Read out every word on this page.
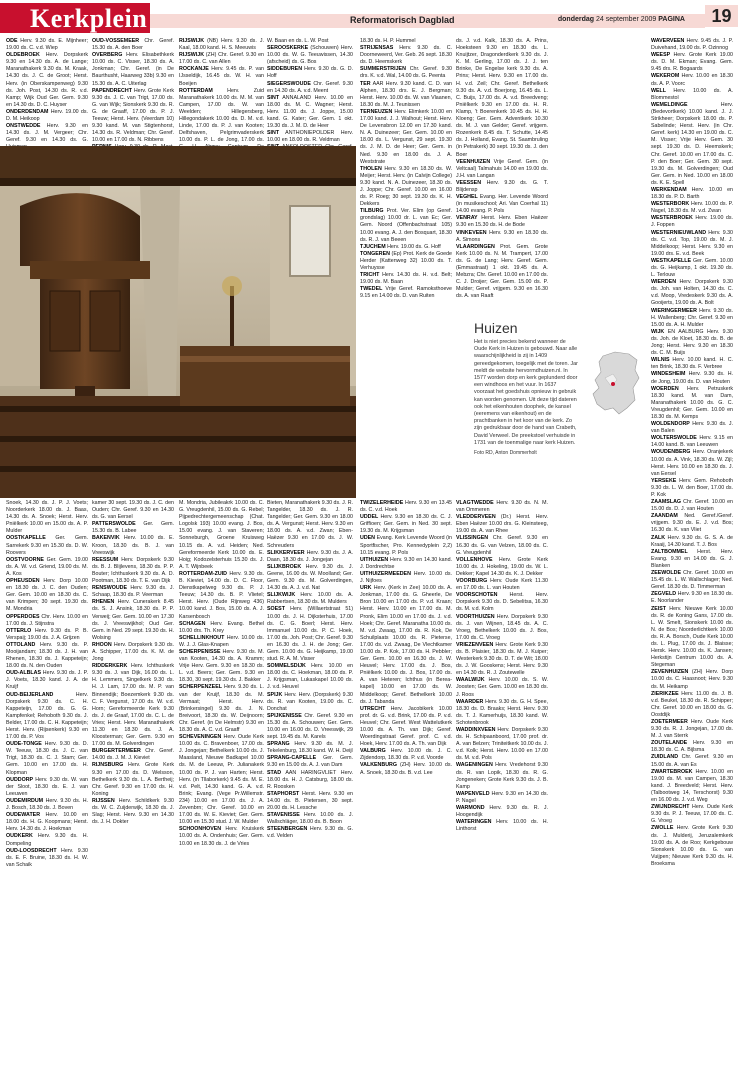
Kerkplein	Reformatorisch Dagblad	donderdag 24 september 2009 PAGINA	19

ODE Herv. 9.30 ds. E. Mijnheer; 19.00 ds. C. v.d. Wiep

OLDEBROEK Herv. Dorpskerk 9.30 en 14.30 ds. A. de Lange; Maranathakerk 9.30 ds. M. Kraak, 14.30 ds. J. C. de Groot; Herst. Herv. (in Oberskampenweg) 9.30 ds. Joh. Post, 14.30 ds. R. v.d. Kamp; Wijk Oud Ger. Gem. 9.30 en 14.30 ds. D. C. Huyser

ONDERDENDAM Herv. 19.00 ds. D. M. Heikoop

ONSTWEDDE Herv. 9.30 en 14.30 ds. J. M. Vergeer; Chr. Geref. 9.30 en 14.30 ds. G.

OUD-VOSSEMEER Chr. Geref. 15.30 ds. A. den Boer

OVERBERG Herv. Elisabethkerk 10.00 ds. C. Visser, 18.30 ds. A. Jonkman; Chr. Geref. (in De Baurthusht, Haarweg 33b) 9.30 en 15.30 ds. A. C. Uiterlag

PAPENDRECHT Herv. Grote Kerk 9.30 ds. J. C. van Trigt, 17.00 ds. G. van Wijk; Sionskerk 9.30 ds. R. G. de Graaff, 17.00 ds. P. J. Teeuw; Herst. Herv. (Veerdam 10) 9.30 kand. M. van Stigtenhorst, 14.30 ds. R. Veldman; Chr. Geref. 10.00 en 17.00 ds. N. Ribbens

RIJSWIJK (NB) Herv. 9.30 ds. J. Kaal, 18.00 kand. H. S. Meeuwis

RIJSWIJK (ZH) Chr. Geref. 9.30 en 17.00 ds. C. van Allen

ROCKANJE Herv. 9.45 ds. P. van IJsseldijk, 16.45 ds. W. H. van Boeijen

ROTTERDAM	Herv. Zuid Maranathakerk 10.00 ds. M. M. van Campen, 17.00 ds. W. van Weelden; Hillegersberg, Hillegondakerk 10.00 ds. D. M. v.d. Linde, 17.00 ds. P. J. van Kooten; Delfshaven, Pelgrimvaderskerk 10.00 ds. P. L. de Jong, 17.00 ds.

W. Baan en ds. L. W. Post

SEROOSKERKE (Schouwen) Herv. 10.00 ds. W. G. Teeuwissen, 14.30 (afscheid) ds. G. Bos

SIDDEBUREN Herv. 9.30 ds. G. D. Hoff

SIEGERSWOUDE Chr. Geref. 9.30 en 14.30 ds. A. v.d. Meent

SINT ANNALAND Herv. 10.00 en 18.00 ds. M. C. Wagner; Herst. Herv. 11.00 ds. J. Joppe, 15.00 kand. G. Kater; Ger. Gem. 1 okt. 19.30 ds. J. M. D. de Heer

SINT ANTHONIEPOLDER Herv. 10.00 en 18.00 ds. R. Veldman

18.30 ds. H. P. Hummel

STRIJENSAS Herv. 9.30 ds. C. Doorneweerd, Ver. Geb. 26 sept. 18.30 ds. D. Heemskerk

SUMMERSTRIJEN Chr. Geref. 9.30 drs. K. v.d. Wal, 14.00 ds. G. Peenta

TER AAR Herv. 9.30 kand. C. D. van Alphen, 18.30 drs. E. J. Bergman; Herst. Herv. 10.00 ds. W. van Vlaanen, 18.30 ds. M. J. Teunissen

TERNEUZEN Herv. Elimkerk 10.00 en 17.00 kand. J. J. Walhout; Herst. Herv. De Levensbron 12.00 en 17.30 kand. N. A. Duinezeer; Ger. Gem. 10.00 en 18.00 ds. L. Vergunst, 29 sept. 19.30 ds. J. M. D. de Heer; Ger. Gem. in Ned. 9.30 en 18.00 ds. J. A. Weststrate

THOLEN Herv. 9.30 en 18.30 ds. W. Meijer; Herst. Herv. (in Calvijn College) 9.30 kand. N. A. Duinezeer, 18.30 ds. J. Joppe; Chr. Geref. 10.00 en 16.00 ds. P. Roeg; 30 sept. 19.30 ds. K. H. Dekkers

TILBURG Prot. Ver. Elim (op Geref. grondslag) 10.00 dr. L. van Ec; Ger. Gem. Noord (Offenbachstraat 105) 10.00 evang. A. J. den Bosquart, 18.30 ds. R. J. van Beeen

TJUCHEM Herv. 19.00 ds. G. Hoff

TONGEREN (Ep) Prot. Kerk de Goede Herder (Kattenweg 32) 10.00 ds. T. Verhuysse

TRICHT Herv. 14.30 ds. H. v.d. Belt; 19.00 ds. M. Baan

TWEDEL Vrije Geref. Ramoksthoeve 9.15 en 14.00 ds. D. van Ruiten

ds. J. v.d. Kalk, 18.30 ds. A. Prins, Hoeksteen 9.30 en 18.30 ds. L. Knuijtzer, Dragonderdkerk 9.30 ds. J. K. M. Gerling, 17.00 ds. J. J. ten Brinke, De Engelse kerk 9.30 ds. A. Prins; Herst. Herv. 9.30 en 17.00 ds. H. v.d. Zeil; Chr. Geref. Bethelkerk 9.30 ds. A. v.d. Boerjong, 16.45 ds. L. C. Buijs, 17.00 ds. A. v.d. Breedveng; Pniëlkerk 9.30 en 17.00 ds. H. R. Klamp, 't Boerenkerk 10.45 ds. H. H. Kloeng; Ger. Gem. Adventkerk 10.30 ds. M. J. van Gelder; Geref. vrijgem. Rozenkerk 8.45 ds. T. Schutte, 14.45 ds. J. Holland, Evang. St. Saambruling (in Petrakerk) 30 sept. 19.30 ds. J. den Boer

VEENHUIZEN Vrije Geref. Gem. (in Veltcaal) Talmahuis 14.00 en 19.00 ds. J.H. van Langan

VEESSEN Herv. 9.30 ds. G. T. Blijdensp

VEGHEL Evang. Her. Levende Woord (in musikeschool; Ari. Van Coerhal 11) 14.00 evang. P. Pols

VENRAY Herst. Herv. Eben Haëzer 9.30 en 15.30 ds. H. de Bode

VINKEVEEN Herv. 9.30 en 18.30 ds. A. Simons

VLAARDINGEN Prot. Gem. Grote Kerk 10.00 ds. N. M. Trampert, 17.00 ds. G. de Lang; Herv. Geref. Gem. (Emmastraat) 1 okt. 19.45 ds. A. Mebzra; Chr. Geref. 10.00 en 17.00 ds. C. J. Droijer; Ger. Gem. 15.00 ds. P. Mulder; Geref. vrijgem. 9.30 en 16.30 ds. A. van Raaft

WAVERVEEN Herv. 9.45 ds. J. P. Duivehand, 19.00 ds. P. Ozinnog

WEESP Herv. Grote Kerk 19.00 ds. D. M. Ekman; Evang. Gem. 9.45 drs. R. Bogaards

WEKEROM Herv. 10.00 en 18.30 ds. A. P. Voorc

WELL Herv. 10.00 ds. A. Blommestol

WEMELDINGE Herv. (Bedevortkerk) 10.00 kand. J. J. Strikheer; Dorpskerk 18.00 ds. P. Sabelinde; Herst. Herv. (in Chr. Geref. kerk) 14.30 en 19.00 ds. C. M. Visser; Vrije Herv. Gem. 30 sept. 19.30 ds. D. Heemskerk; Chr. Geref. 10.00 en 17.00 ds. C. P. den Boer; Ger. Gem. 30 sept. 19.30 ds. M. Golverdingen; Oud Ger. Gem. in Ned. 10.00 en 18.00 ds. K. E. Spell

WERKENDAM Herv. 10.00 en 18.30 ds. P. D. Barth

WESTERBORK Herv. 10.00 ds. P. Nagel, 18.30 ds. M. v.d. Zwan

WESTERBROEK Herv. 19.00 ds. J. Foppen

WESTERNIEUWLAND Herv. 9.30 ds. C. v.d. Top, 19.00 ds. M. J. Middelkoop; Herst. Herv. 9.30 en 19.00 drs. E. v.d. Beek

WESTKAPELLE Ger. Gem. 10.00 ds. G. Heijkamp, 1 okt. 19.30 ds. L. Terlouw

WIERDEN Herv. Dorpskerk 9.30 ds. Joh. van Holten, 14.30 ds. C. v.d. Moop, Vredeskerk 9.30 ds. A. Gooijerts, 19.00 ds. A. Bolt

WIERINGERMEER Herv. 9.30 ds. H. Wallenberg; Chr. Geref. 9.30 en 15.00 ds. A. H. Mulder

WIJK EN AALBURG Herv. 9.30 ds. Joh. de Kloet, 18.30 ds. B. de Jong; Herst. Herv. 9.30 en 18.30 ds. C. M. Buijs

WILNIS Herv. 10.00 kand. H. C. ten Brink, 18.30 ds. F. Verbree

WINDESHEIM Herv. 9.30 ds. H. de Jong, 19.00 ds. D. van Houten

WOERDEN Herv. Petruskerk 18.30 kand. M. van Dam, Maranathakerk 10.00 ds. G. C. Vreugdenhil; Ger. Gem. 10.00 en 18.30 ds. M. Kemps

WOLDENDORP Herv. 9.30 ds. J. van Balen

WOLTERSWOLDE Herv. 9.15 en 14.00 kand. B. van Leeuwen

WOUDENBERG Herv. Oranjekerk 10.00 ds. A. Vink, 18.30 ds. W. Zijl; Herst. Herv. 10.00 en 18.30 ds. J. van Eersel

YERSEKE Herv. Gem. Rehoboth 9.30 ds. L. W. den Boer, 17.00 ds. P. Kok

ZAAMSLAG Chr. Geref. 10.00 en 15.00 ds. D. J. van Houten

ZAANDAM Ned. Geref./Geref. vrijgem. 9.30 ds. E. J. v.d. Bos; 16.30 ds. K. van Vliet

ZALK Herv. 9.30 ds. G. S. A. de Kraaij, 14.30 kand. T. J. Bos

ZALTBOMMEL Herst. Herv. Evang. 9.30 en 14.00 ds. G. J. Blanken

ZEEWOLDE Chr. Geref. 10.00 en 15.45 ds. L. W. Wallschlager; Ned. Geref. 18.30 ds. D. Timmerman

ZEGVELD Herv. 9.30 en 18.30 ds. E. Noorlander

ZEIST Herv. Nieuwe Kerk 10.00 ds. R. de Koning Gans, 17.00 ds. L. W. Smelt, Sionskerk 10.00 ds. N. de Bos; Noorderlichtkerk 10.00 ds. R. A. Borsch, Oude Kerk 10.00 ds. L. Plug, 17.00 ds. J. Blaisse; Hersk. Herv. 10.00 ds. K. Jansen; Herkstijn Centrum 10.00 ds. A. Stegeman

ZEVENHUIZEN (ZH) Herv. Dorp 10.00 ds. C. Haasnoot; Herv. 9.30 ds. M. Heikamp

ZIERIKZEE Herv. 11.00 ds. J. B. v.d. Beukel, 18.30 ds. R. Schipper; Chr. Geref. 10.00 en 18.00 ds. G. Oostdijk

ZOETERMEER Herv. Oude Kerk 9.30 ds. R. J. Jongejan, 17.00 ds. M. J. van Sterrk

ZOUTELANDE Herv. 9.30 en 18.30 ds. C. A. Bijlsma

ZUIDLAND Chr. Geref. 9.30 en 15.00 ds. A. van Es

ZWARTEBROEK Herv. 10.00 en 19.00 ds. M. van Campen, 18.30 kand. J. Breedveld; Herst. Herv. (Talbootweg 14, Terschorst) 9.30 en 16.00 ds. J. v.d. Weg

ZWIJNDRECHT Herv. Oude Kerk 9.30 ds. P. J. Teeuw, 17.00 ds. C. G. Vroeg

ZWOLLE Herv. Grote Kerk 9.30 ds. J. Mulderij, Jeruzalemkerk 19.00 ds. A. de Roo; Kerkgebouw Sionskerk 10.00 ds. G. van Vuijpen; Nieuwe Kerk 9.30 ds. H. Broeksma

Huizen

Het is niet precies bekend wanneer de Oude Kerk in Huizen is gebouwd. Naar alle waarschijnlijkheid is zij in 1409 gereedgekomen, toegelijk met de toren. Jar meldt de website hervormdhuizen.nl. In 1577 worden dorp en kerk geplunderd door een windhoos en het vuur. In 1637 voorzaat het goedshuis opnieuw in gebruik kan worden genomen. Uit deze tijd dateren ook het eikenhouten doophek, de kansel (eeremens van eikenhout) en de prachtbanken in het koor van de kerk. Zo zijn gedrukbaar door de hand van Crabeth, David Verweel. De preekstoel verhuisde in 1731 van de toenmalige naar kerk Huizen.

Foto RD, Anton Dommerholt

Snoek, 14.30 ds. J. P. J. Voets; Noorderkerk 18.00 ds. J. Baas, 14.30 ds. A. Snoek; Herst. Herv. Pniëlkerk 10.00 en 15.00 ds. A. P. Mulder

OOSTKAPELLE Ger. Gem. Sarrekerk 9.30 en 15.30 ds. D. W. Roovers

OOSTVOORNE Ger. Gem. 19.00 ds. A. W. v.d. Griend, 19.00 ds. M. A. Kos

OPHEUSDEN Herv. Dorp 10.00 en 18.30 ds. J. C. den Ouden; Ger. Gem. 10.00 en 18.30 ds. C. van Krimpen; 30 sept. 19.30 ds. M. Mondria

OPPERDOES Chr. Herv. 10.00 en 17.00 ds. J. Stijnstra

OTTERLO Herv. 9.30 ds. P. B. Verspaij; 19.00 ds. J. A. Grijzen

OTTOLAND Herv. 9.30 ds. P. Mooijandam; 18.30 ds. J. H. van Rhenen, 18.30 ds. J. Kappeteijn; 18.00 ds. N. den Ouden

OUD-ALBLAS Herv. 9.30 ds. J. P. J. Voets, 18.30 kand. J. A. de Kruijf

OUD-BEIJERLAND Herv. Dorpskerk 9.30 ds. C. H. Kappeteijn, 17.00 ds. G. G. Kampfenkel; Rehoboth 9.30 ds. J. Belder, 17.00 ds. C. H. Kappeteijn; Herst. Herv. (Rijsenkerk) 9.30 en 17.00 ds. P. Vos

OUDE-TONGE Herv. 9.30 ds. D. W. Teeuw, 18.30 ds. J. C. van Trigt, 18.30 ds. C. J. Stam; Ger. Gem. 10.00 en 17.00 ds. H. Klopman

OUDDORP Herv. 9.30 ds. W. van der Sloot, 18.30 ds. E. J. van Leeuwen

OUDEMIRDUM Herv. 9.30 ds. H. J. Bosch, 18.30 ds. J. Boven

OUDEWATER Herv. 10.00 en 18.00 ds. H. G. Koopmans; Herst. Herv. 14.30 ds. J. Hoekman

OUDKERK Herv. 9.30 ds. H. Dompeling

OUD-LOOSDRECHT Herv. 9.30 ds. E. F. Bruine, 18.30 ds. H. W. van Schaik

kamer 30 sept. 19.30 ds. J. C. den Ouden; Chr. Geref. 9.30 en 14.30 ds. G. van Eersel

PATTERSWOLDE Ger. Gem. 15.30 ds. B. Labee

BAKENVIK Herv. 10.00 ds. E. Kroon, 18.30 ds. B. J. van Vreeswijk

REESSUM Herv. Dorpskerk 9.30 ds. B. J. Blijlevens, 18.30 ds. P. P. Bouter; Ichthuskerk 9.30 ds. A. D. Pootman, 18.30 ds. T. E. van Dijk

RENSWOUDE Herv. 9.30 ds. J. Schaap, 18.30 ds. P. Veerman

RHENEN Herv. Cunerakerk 8.45 ds. S. J. Ansink, 18.30 ds. P. P. Verweij; Ger. Gem. 10.00 en 17.30 ds. J. Vreeswijkhol; Oud Ger. Gem. in Ned. 29 sept. 19.30 ds. H. Wolsing

RHOON Herv. Dorpskerk 9.30 ds. A. Schipper, 17.00 ds. K. M. de Jong

RIDDERKERK Herv. Ichthuskerk 9.30 ds. J. van Dijk, 16.00 ds. L. H. Lemmers, Singelkerk 9.30 ds. H. J. Lam, 17.00 ds. M. P. van Binnendijk; Boezemkerk 9.30 ds. C. F. Vergunst, 17.00 ds. W. v.d. Horn; Gereformeerde Kerk 9.30 ds. J. de Graaf, 17.00 ds. C. L. de Vries; Herst. Herv. Maranathakerk 11.30 en 18.30 ds. J. A. Kloosterman; Ger. Gem. 9.30 en 17.00 ds. M. Golverdingen

BURGERTERMEER Chr. Geref. 14.00 ds. J. M. J. Kieviet

RIJNSBURG Herv. Grote Kerk 9.30 en 17.00 ds. D. Welsson, Bethelkerk 9.30 ds. L. A. Bertheij; Chr. Geref. 9.30 en 17.00 ds. H. Koning

RIJSSEN Herv. Schildkerk 9.30 ds. W. C. Zuijderwijk, 18.30 ds. J. Slag; Herst. Herv. 9.30 en 14.30 ds. J. H. Dokter

M. Mondria, Jubileakrk 10.00 ds. C. G. Vreugdenhil, 15.00 ds. G. Rebel; Pijpedrechtergemeenschap (Chat. Logolsk 193) 10.00 evang. J. Bos, 15.00 evang. J. van Staveren; Sonneburgh, Groene Kruisweg 10.15 ds. A. v.d. Heiden; Ned. Gereformeerde Kerk 10.00 ds. E. Hoig; Kodozelsterhuis 15.30 ds. J. A. T. Wijnbeek

ROTTERDAM-ZUID Herv. 9.30 ds. B. Kieviet, 14.00 ds. D. C. Floor, Dienstkapelweg 9.30 ds. P. J. Teeuw; 14.30 ds. B. P. Vlietel; Herst. Herv. (Oude Rijnweg 436) 10.00 kand. J. Bos, 15.00 ds. A. J. Karsenbosch

SCHAGEN Herv. Evang. Bethel 10.00 drs. Th. Krey

SCHELLINKHOUT Herv. 10.00 ds. W. J. J. Glas-Knapen

SCHERPENISSE Herv. 9.30 ds. M. van Kooten, 14.30 ds. A. Kramm; Vrije Herv. Gem. 9.30 en 18.30 ds. L. v.d. Beers; Ger. Gem. 9.30 en 18.30, 30 sept. 19.30 ds. J. Bakker

SCHERPENZEEL Herv. 9.30 ds. L. van der Kruijf, 18.30 ds. M. Vermaat; Herst. Herv. (Brinkersingel) 9.30 ds. J. N. Breivoort, 18.30 ds. W. Deijnoorn; Chr. Geref. (in De Helmstr) 9.30 en 18.30 ds. A. C. v.d. Graaff

SCHEVENINGEN Herv. Oude Kerk 10.00 ds. C. Bravenboer, 17.00 ds. J. Jongejan; Bethelkerk 10.00 ds. J. Maasland, Nieuwe Badkapel 10.00 ds. M. de Leeuw, Pr. Julianakerk 10.00 ds. P. J. van Harten; Herst. Herv. (in Tllaborkerk) 9.45 ds. M. E. v.d. Pelt, 14.30 kand. G. A. v.d. Brink; Evang. (Vege Pr.Willemstr. 234) 10.00 en 17.00 ds. J. A. Zevenbrn; Chr. Geref. 10.00 en 17.00 ds. W. E. Kieviet; Ger. Gem. 10.00 en 15.30 stud. J. W. Mulder

SCHOONHOVEN Herv. Kruiskerk 10.00 ds. A. Ondenhuis; Ger. Gem. 10.00 en 18.30 ds. J. de Vries

Bieten, Maranathakerk 9.30 ds. J. R. Tangelder, 18.30 ds. J. R. Tangelder; Ger. Gem. 9.30 en 18.00 ds. A. Vergunst; Herst. Herv. 9.30 en 18.00 ds. A. v.d. Zwan; Eben-Haëzer 9.30 en 17.00 ds. J. W. Schreuders

SLIKKERVEER Herv. 9.30 ds. J. A. Daan, 18.30 ds. J. Jongejan

SLIJKBROEK Herv. 9.30 ds. J. Geene, 16.00 ds. W. Moolland; Ger. Gem. 9.30 ds. M. Golverdingen, 14.30 ds. A. J. v.d. Nat

SLIJKWIJK Herv. 10.00 ds. A. Rabbertsen, 18.30 ds. M. Mulders

SOEST Herv. (Willaertstraat 51) 10.00 ds. J. H. Dijksterhuis, 17.00 ds. C. G. Boerl; Herst. Herv. Immanuel 10.00 ds. P. C. Hoek, 17.00 ds. Joh. Post; Chr. Geref. 9.30 en 16.30 ds. J. H. de Jong; Ger. Gem. 10.00 ds. G. Heijkamp, 19.00 stud. R. A. M. Visser

SOMMELSDIJK Herv. 10.00 en 18.00 ds. C. Hoekman, 18.00 ds. P. J. Krijgsman, Lukaskapel 10.00 ds. J. v.d. Heuvel

SPIJK Herv. Herv. (Dorpskerk) 9.30 ds. R. van Kooten, 19.00 ds. C. Donchat

SPIJKENISSE Chr. Geref. 9.30 en 15.30 ds. A. Schouwen; Ger. Gem. 10.00 en 16.00 ds. D. Vreeswijk, 29 sept. 19.45 ds. M. Karels

SPRANG Herv. 9.30 ds. M. J. Tekelenburg, 18.30 kand. W. H. Deijl

SPRANG-CAPELLE Ger. Gem. 9.30 en 15.00 ds. A. J. van Dam

STAD AAN HARINGVLIET Herv. 18.00 ds. H. J. Catsburg, 18.00 ds. R. Roosken

STAPHORST Herst. Herv. 9.30 en 14.00 ds. B. Pietersen, 30 sept. 20.00 ds. H. Lessche

STAVENISSE Herv. 10.00 ds. J. Wallschläger, 18.00 ds. B. Boon

STEENBERGEN Herv. 9.30 ds. G. v.d. Velden

TWIZELERHEIDE Herv. 9.30 en 13.45 ds. C. v.d. Hoek

UDDEL Herv. 9.30 en 18.30 ds. C. J. Griffioen; Ger. Gem. in Ned. 30 sept. 19.30 ds. M. Krijgsman

UDEN Evang. Kerk Levende Woord (in Sportfischer, Pro. Kennedyplein 2,2) 10.15 evang. P. Pols

UITHUIZEN Herv. 9.30 en 14.30 kand. J. Dordrechtse

UITHUIZERMEEDEN Herv. 10.00 ds. J. Nijfoes

URK Herv. (Kerk in Zee) 10.00 ds. A. Jonkman, 17.00 ds. G. Gheerle, De Bron 10.00 en 17.00 ds. P. v.d. Kraan; Herst. Herv. 10.00 en 17.00 ds. M. Pronk, Elim 10.00 en 17.00 ds. J. v.d. Hoek; Chr. Geref. Maranatha 10.00 ds. M. v.d. Zwaag, 17.00 ds. R. Kok, De Schuilplaats 10.00 ds. R. Pieterse, 17.00 ds. v.d. Zwaag, De Vlechtkamer 10.00 ds. P. Kok, 17.00 ds. H. Pebbler; Ger. Gem. 10.00 en 16.30 ds. J. W. Heuvel; Herv. 17.00 ds. J. Bos, Pniëlkerk 10.00 ds. J. Bos, 17.00 ds. A. van Heteren; Ichthus (in Berea-kapel) 10.00 en 17.00 ds. W. Middelkoop; Geref. Bethelkerk 10.00 ds. J. Tabanda

UTRECHT Herv. Jacobikerk 10.00 prof. dr. G. v.d. Brink, 17.00 ds. P. v.d. Heuvel; Chr. Geref. West Wattelutkerk 10.00 ds. A. Th. van Dijk; Geref. Woerdingstraat Geref. prof. C. v.d. Hoek, Herv. 17.00 ds. A. Th. van Dijk

VALBURG Herv. 10.00 ds. J. C. Zijdendorp, 18.30 ds. P. v.d. Voorde

VALKENBURG (ZH) Herv. 10.00 ds. A. Snoek, 18.30 ds. B. v.d. Lee

VLAGTWEDDE Herv. 9.30 ds. N. M. van Ommeren

VLEDDERVEEN (Dr.) Herst. Herv. Eben Haëzer 10.00 drs. G. Kleinsteeg, 19.00 ds. A. van Rhee

VLISSINGEN Chr. Geref. 9.30 en 16.30 ds. G. van Velzen, 18.00 ds. C. G. Vreugdenhil

VOLLENHOVE Herv. Grote Kerk 10.00 ds. J. Hokeling, 19.00 ds. W. L. Dekker; Kapel 14.30 ds. K. J. Dekker

VOORBURG Herv. Oude Kerk 11.30 en 17.00 ds. L. van Houten

VOORSCHOTEN Herst. Herv. Dorpskerk 9.30 ds. D. Sebelitsa, 16.30 ds. M. v.d. Kolm

VOORTHUIZEN Herv. Dorpskerk 9.30 ds. J. van Wijnen, 18.45 ds. A. C. Vroeg, Bethelkerk 10.00 ds. J. Bos, 17.00 ds. C. Vroeg

VRIEZENVEEN Herv. Grote Kerk 9.30 ds. B. Plaisier, 18.30 ds. M. J. Kuiper; Westerkerk 9.30 ds. D. T. de Wit; 18.00 ds. J. W. Gooskens; Herst. Herv. 9.30 en 14.30 ds. R. J. Zoutewelle

WAALWIJK Herv. 10.00 ds. S. W. Joosten; Ger. Gem. 10.00 en 18.30 ds. J. Roos

WAARDER Herv. 9.30 ds. G. H. Spee, 18.30 ds. D. Braaks; Herst. Herv. 9.30 ds. T. J. Kamerhuijs, 18.30 kand. W. Schotenbrook

WADDINXVEEN Herv. Dorpskerk 9.30 ds. H. Schipaanboord, 17.00 prof. dr. A. van Belzen; Triniteitkerk 10.00 ds. J. v.d. Kolk; Herst. Herv. 10.00 en 17.00 ds. M. v.d. Pols

WAGENINGEN Herv. Vredehorst 9.30 ds. R. van Lopik, 18.30 ds. R. G. Jongeneken; Grote Kerk 9.30 ds. J. B. Kamp

WAPENVELD Herv. 9.30 en 14.30 ds. P. Nagel

WARMOND Herv. 9.30 ds. R. J. Hoogendijk

WATERINGEN Herv. 10.00 ds. H. Linthorst
